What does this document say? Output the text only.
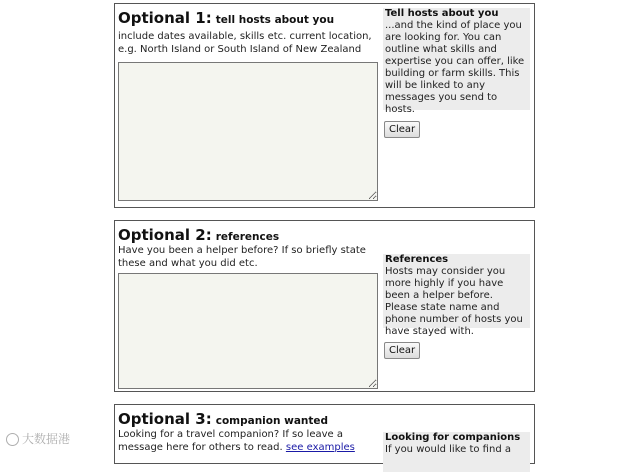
Optional 1: tell hosts about you
include dates available, skills etc. current location, e.g. North Island or South Island of New Zealand
Tell hosts about you
...and the kind of place you are looking for. You can outline what skills and expertise you can offer, like building or farm skills. This will be linked to any messages you send to hosts.
Clear
Optional 2: references
Have you been a helper before? If so briefly state these and what you did etc.	References
Hosts may consider you more highly if you have been a helper before. Please state name and phone number of hosts you have stayed with.
Clear
Optional 3: companion wanted
Looking for a travel companion? If so leave a message here for others to read. see examples
Looking for companions
If you would like to find a
大数据港
